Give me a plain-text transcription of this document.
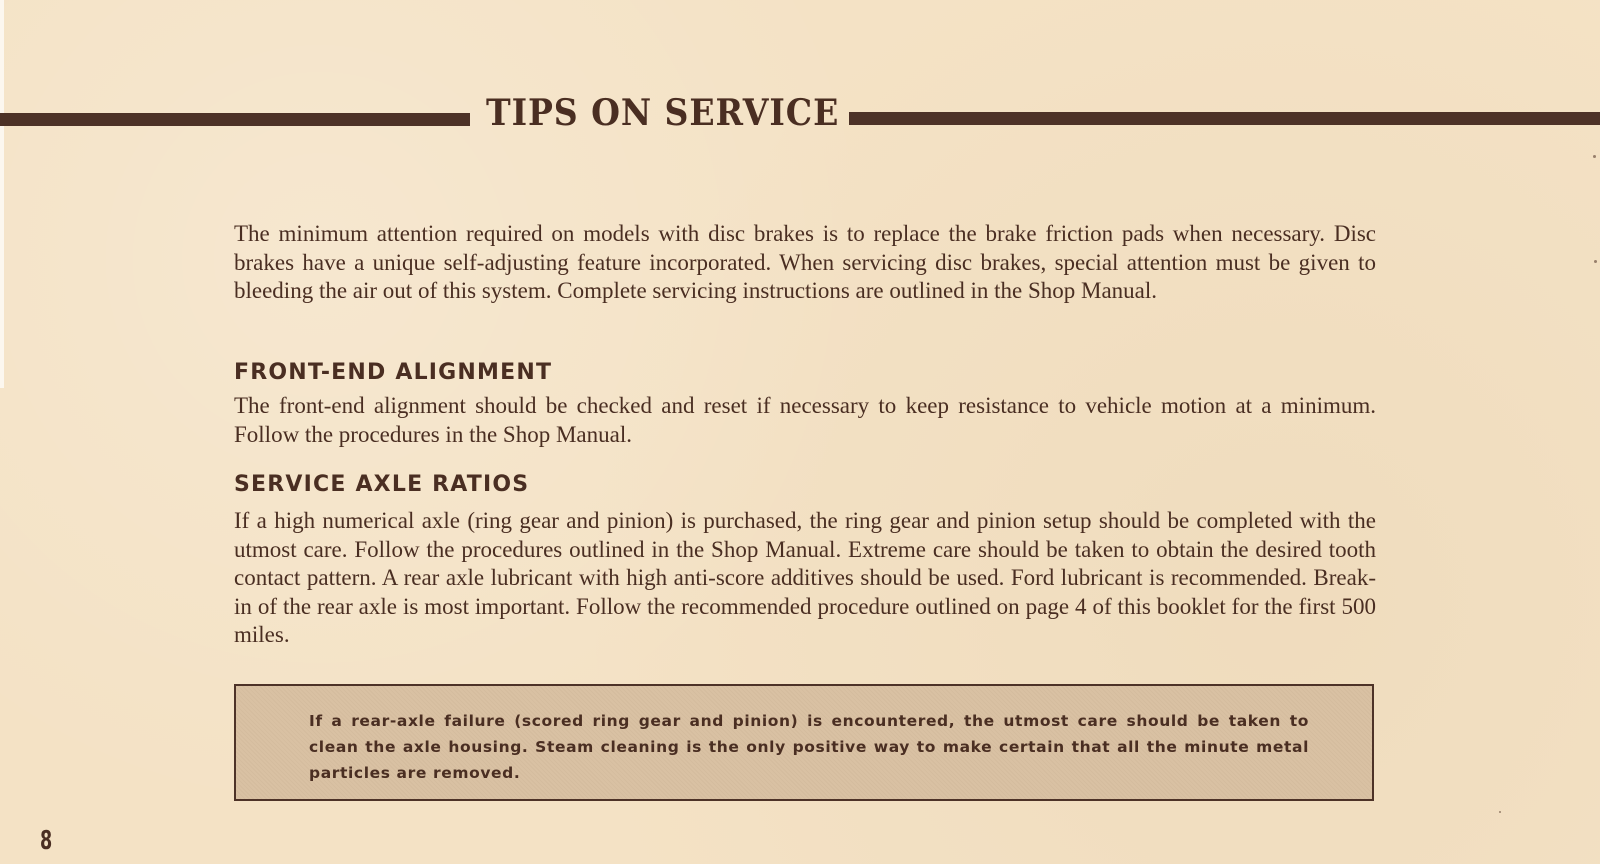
TIPS ON SERVICE

The minimum attention required on models with disc brakes is to replace the brake friction pads when necessary. Disc brakes have a unique self-adjusting feature incorporated. When servicing disc brakes, special attention must be given to bleeding the air out of this system. Complete servicing instructions are outlined in the Shop Manual.

FRONT-END ALIGNMENT

The front-end alignment should be checked and reset if necessary to keep resistance to vehicle motion at a minimum. Follow the procedures in the Shop Manual.

SERVICE AXLE RATIOS

If a high numerical axle (ring gear and pinion) is purchased, the ring gear and pinion setup should be completed with the utmost care. Follow the procedures outlined in the Shop Manual. Extreme care should be taken to obtain the desired tooth contact pattern. A rear axle lubricant with high anti-score additives should be used. Ford lubricant is recommended. Break-in of the rear axle is most important. Follow the recommended procedure outlined on page 4 of this booklet for the first 500 miles.

If a rear-axle failure (scored ring gear and pinion) is encountered, the utmost care should be taken to clean the axle housing. Steam cleaning is the only positive way to make certain that all the minute metal particles are removed.
8
